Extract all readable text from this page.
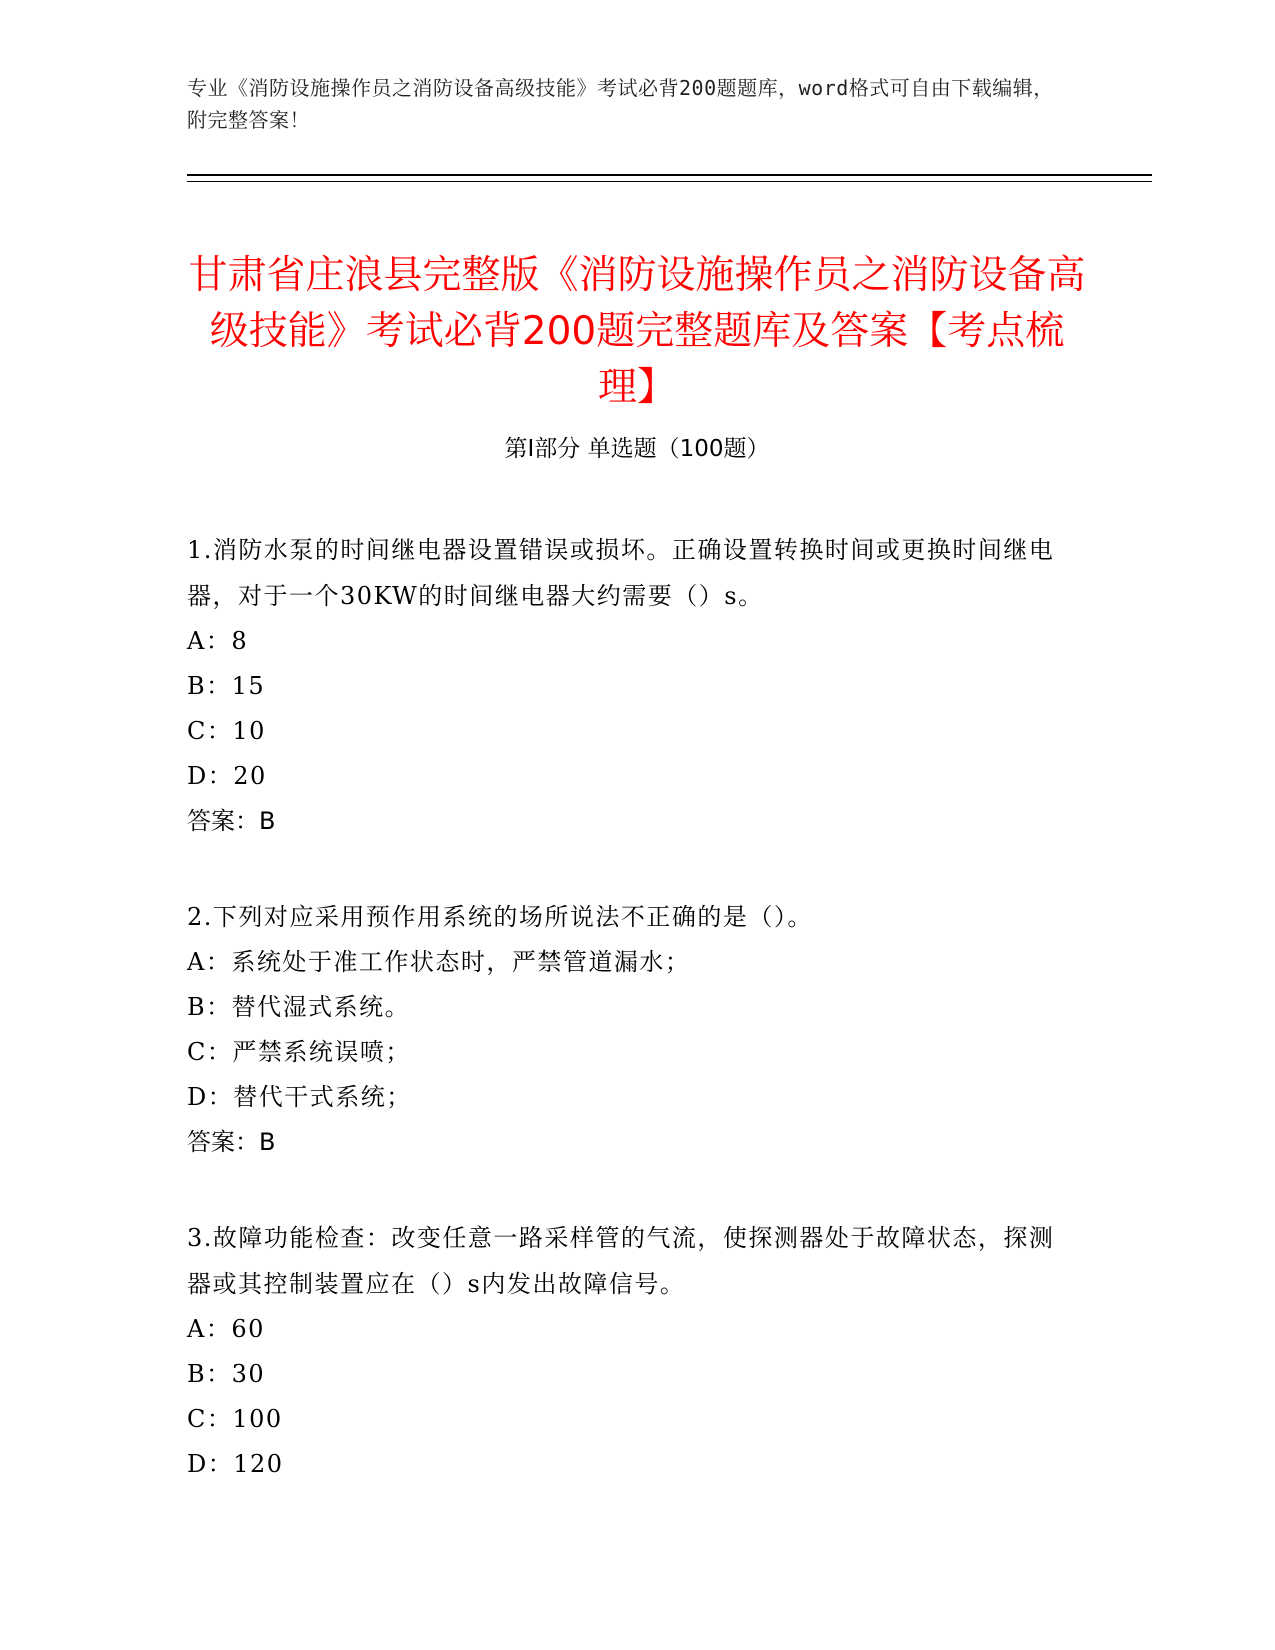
专业《消防设施操作员之消防设备高级技能》考试必背200题题库，word格式可自由下载编辑，附完整答案！
甘肃省庄浪县完整版《消防设施操作员之消防设备高级技能》考试必背200题完整题库及答案【考点梳理】
第Ⅰ部分 单选题（100题）

1.消防水泵的时间继电器设置错误或损坏。正确设置转换时间或更换时间继电器，对于一个30KW的时间继电器大约需要（）s。

A： 8

B： 15

C： 10

D： 20

答案：B

2.下列对应采用预作用系统的场所说法不正确的是（）。

A： 系统处于准工作状态时，严禁管道漏水；

B： 替代湿式系统。

C： 严禁系统误喷；

D： 替代干式系统；

答案：B

3.故障功能检查：改变任意一路采样管的气流，使探测器处于故障状态，探测器或其控制装置应在（）s内发出故障信号。

A： 60

B： 30

C： 100

D： 120
